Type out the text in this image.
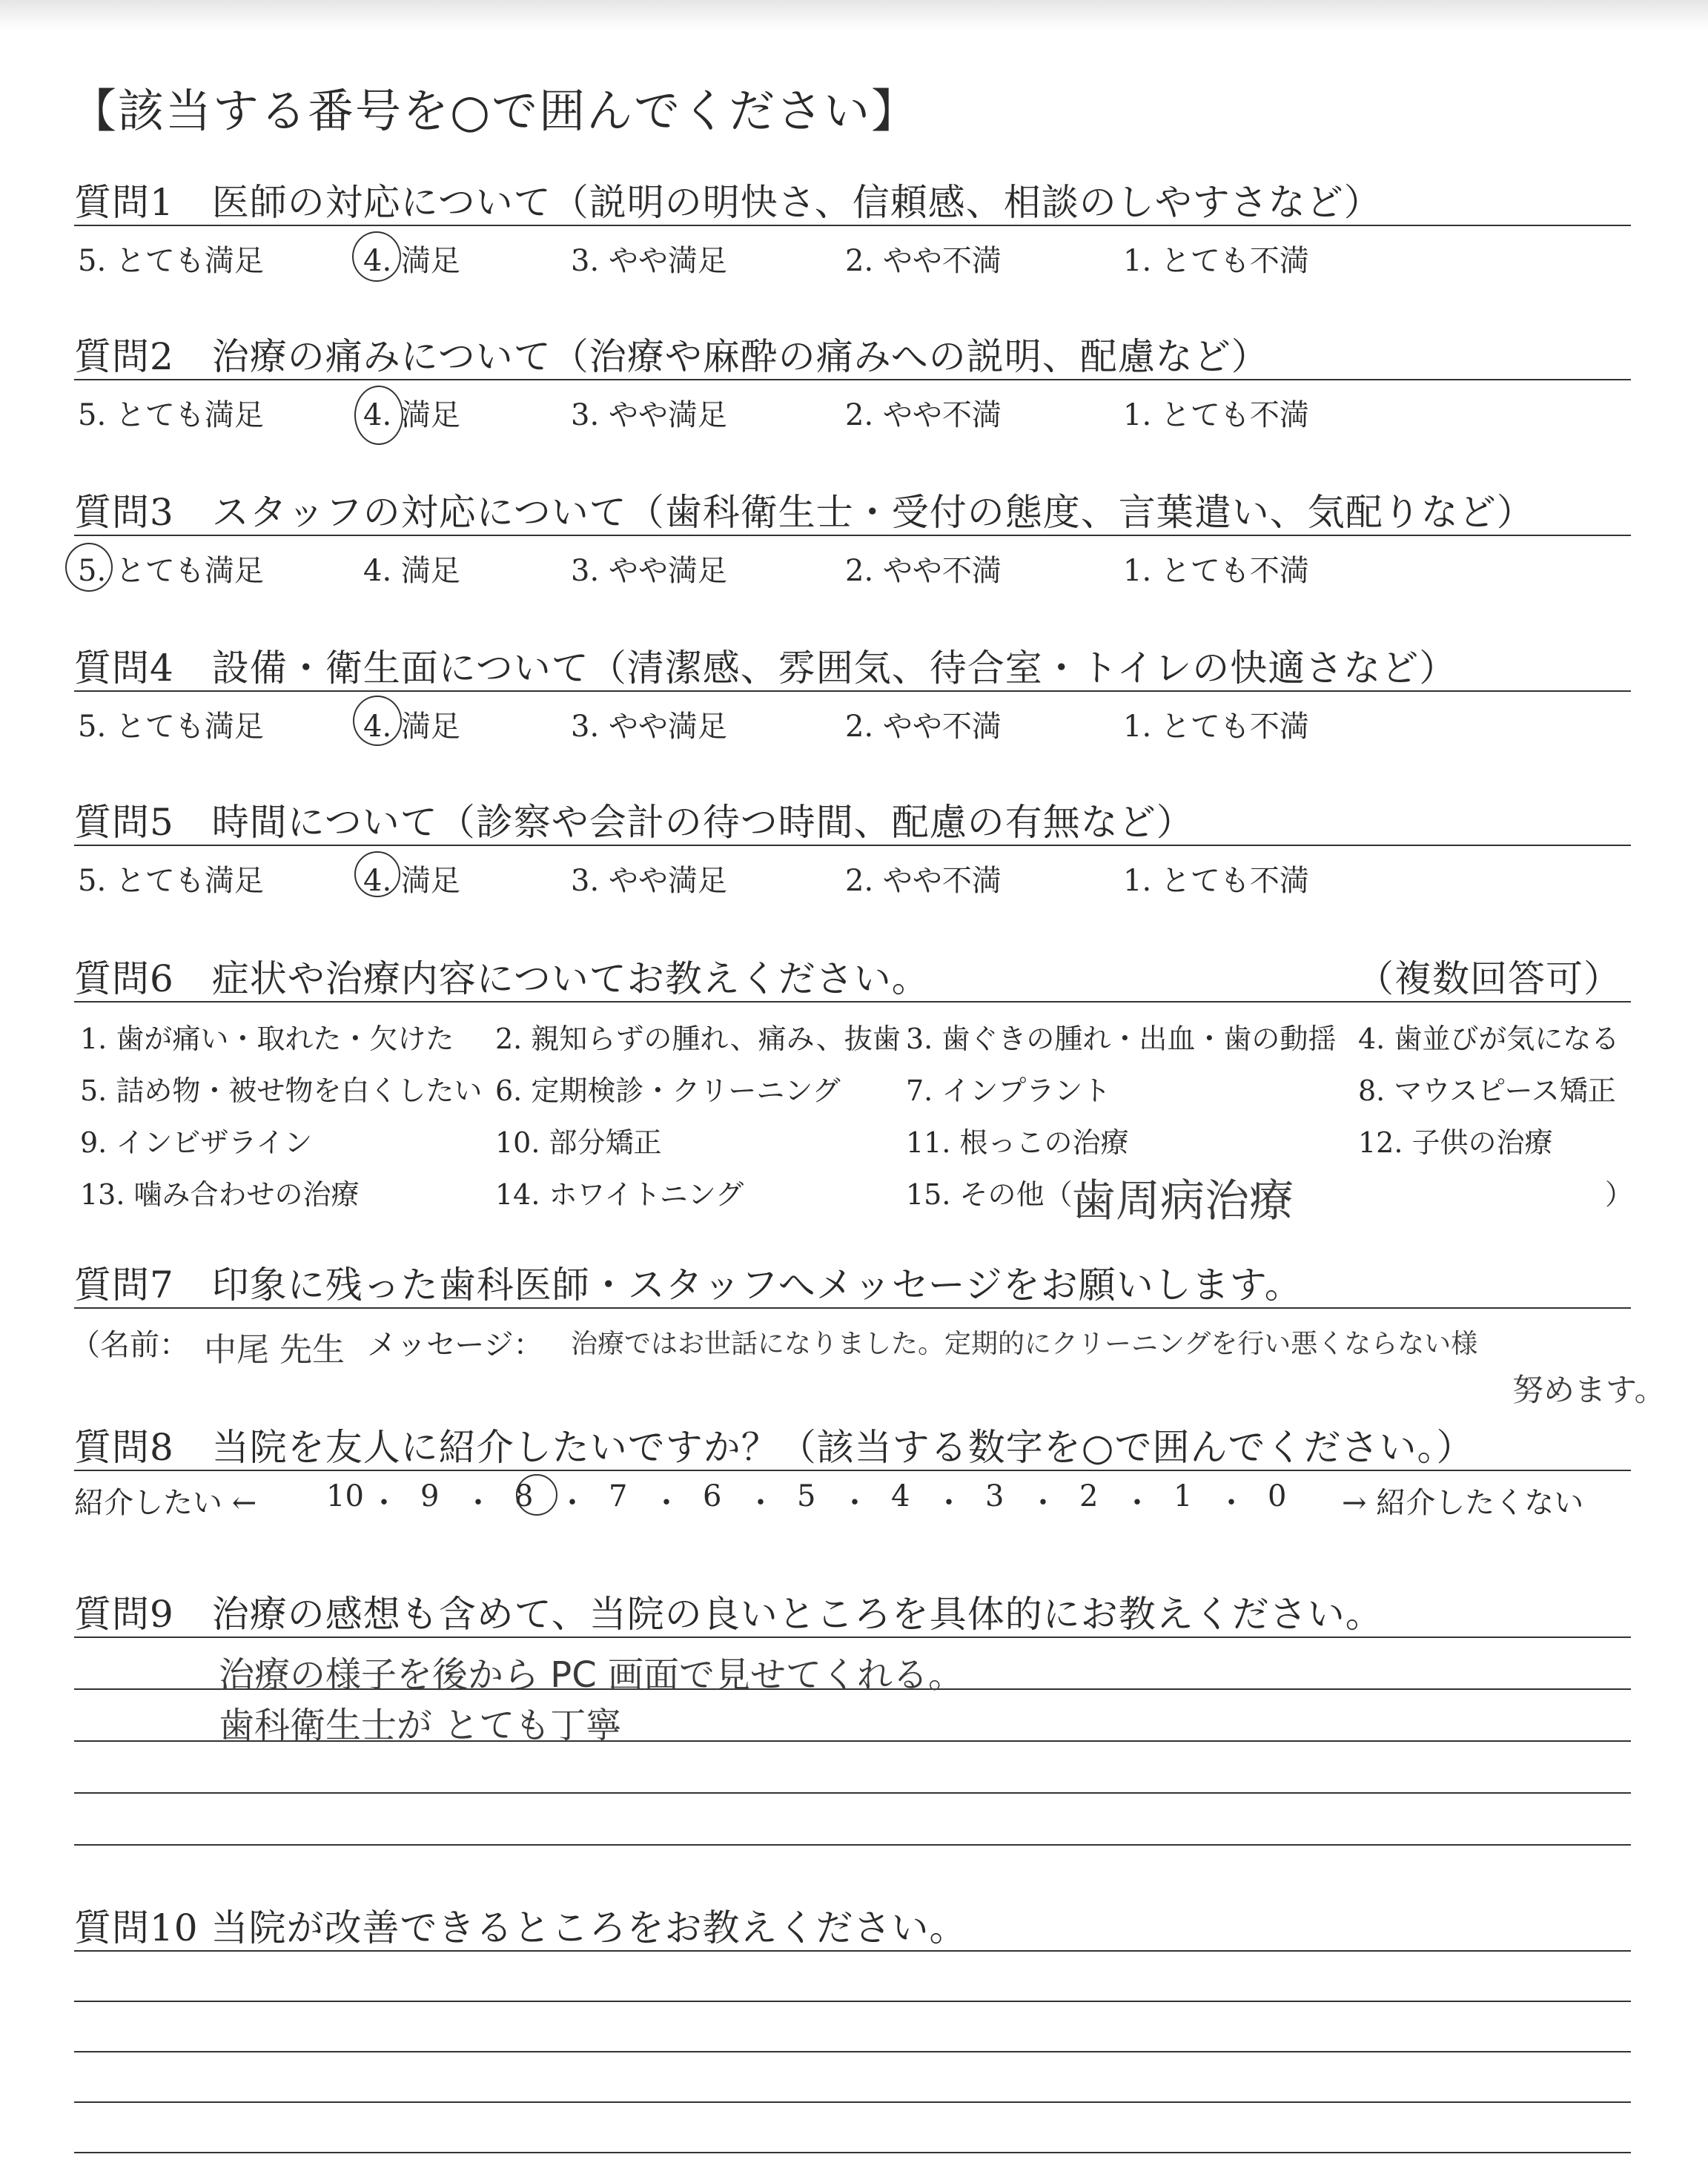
【該当する番号を○で囲んでください】
質問1　医師の対応について（説明の明快さ、信頼感、相談のしやすさなど）
5. とても満足	4. 満足	3. やや満足	2. やや不満	1. とても不満
質問2　治療の痛みについて（治療や麻酔の痛みへの説明、配慮など）
5. とても満足	4. 満足	3. やや満足	2. やや不満	1. とても不満
質問3　スタッフの対応について（歯科衛生士・受付の態度、言葉遣い、気配りなど）
5. とても満足	4. 満足	3. やや満足	2. やや不満	1. とても不満
質問4　設備・衛生面について（清潔感、雰囲気、待合室・トイレの快適さなど）
5. とても満足	4. 満足	3. やや満足	2. やや不満	1. とても不満
質問5　時間について（診察や会計の待つ時間、配慮の有無など）
5. とても満足	4. 満足	3. やや満足	2. やや不満	1. とても不満
質問6　症状や治療内容についてお教えください。	（複数回答可）
1. 歯が痛い・取れた・欠けた 2. 親知らずの腫れ、痛み、抜歯 3. 歯ぐきの腫れ・出血・歯の動揺 4. 歯並びが気になる
5. 詰め物・被せ物を白くしたい 6. 定期検診・クリーニング 7. インプラント	8. マウスピース矯正
9. インビザライン	10. 部分矯正	11. 根っこの治療	12. 子供の治療
13. 噛み合わせの治療	14. ホワイトニング	15. その他（
歯周病治療	）
質問7　印象に残った歯科医師・スタッフへメッセージをお願いします。
（名前： 中尾 先生 メッセージ： 治療ではお世話になりました。定期的にクリーニングを行い悪くならない様
努めます。
質問8　当院を友人に紹介したいですか？（該当する数字を○で囲んでください。）
紹介したい ←	→ 紹介したくない
10 ・ 9 ・ 8 ・ 7 ・ 6 ・ 5 ・ 4 ・ 3 ・ 2 ・ 1 ・ 0
質問9　治療の感想も含めて、当院の良いところを具体的にお教えください。
治療の様子を後から PC 画面で見せてくれる。
歯科衛生士が とても丁寧
質問10 当院が改善できるところをお教えください。
